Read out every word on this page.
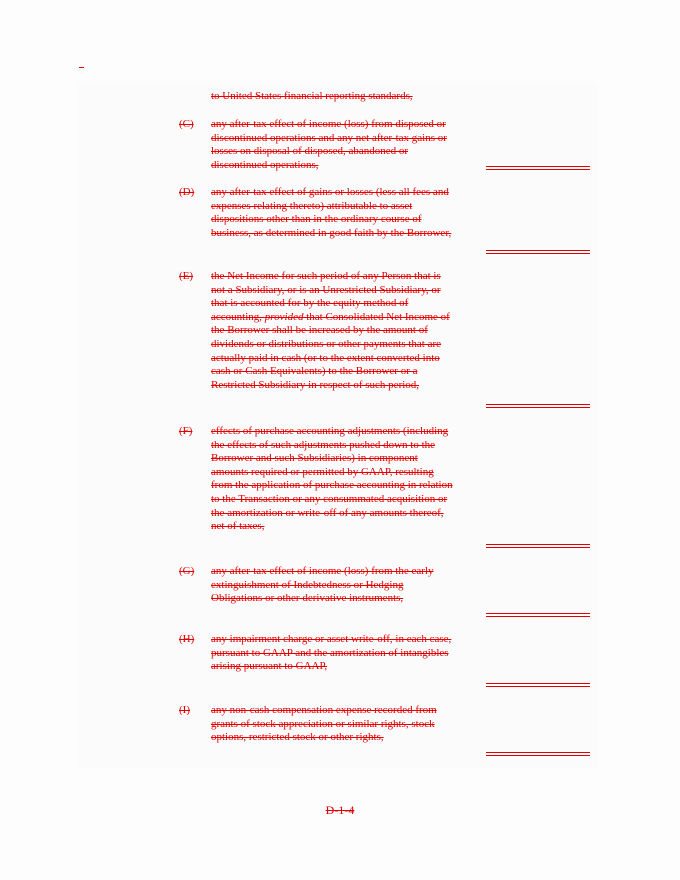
to United States financial reporting standards,
(C) any after-tax effect of income (loss) from disposed or discontinued operations and any net after-tax gains or losses on disposal of disposed, abandoned or discontinued operations,
(D) any after-tax effect of gains or losses (less all fees and expenses relating thereto) attributable to asset dispositions other than in the ordinary course of business, as determined in good faith by the Borrower,
(E) the Net Income for such period of any Person that is not a Subsidiary, or is an Unrestricted Subsidiary, or that is accounted for by the equity method of accounting, provided that Consolidated Net Income of the Borrower shall be increased by the amount of dividends or distributions or other payments that are actually paid in cash (or to the extent converted into cash or Cash Equivalents) to the Borrower or a Restricted Subsidiary in respect of such period,
(F) effects of purchase accounting adjustments (including the effects of such adjustments pushed down to the Borrower and such Subsidiaries) in component amounts required or permitted by GAAP, resulting from the application of purchase accounting in relation to the Transaction or any consummated acquisition or the amortization or write-off of any amounts thereof, net of taxes,
(G) any after-tax effect of income (loss) from the early extinguishment of Indebtedness or Hedging Obligations or other derivative instruments,
(H) any impairment charge or asset write-off, in each case, pursuant to GAAP and the amortization of intangibles arising pursuant to GAAP,
(I) any non-cash compensation expense recorded from grants of stock appreciation or similar rights, stock options, restricted stock or other rights,
D-1-4
